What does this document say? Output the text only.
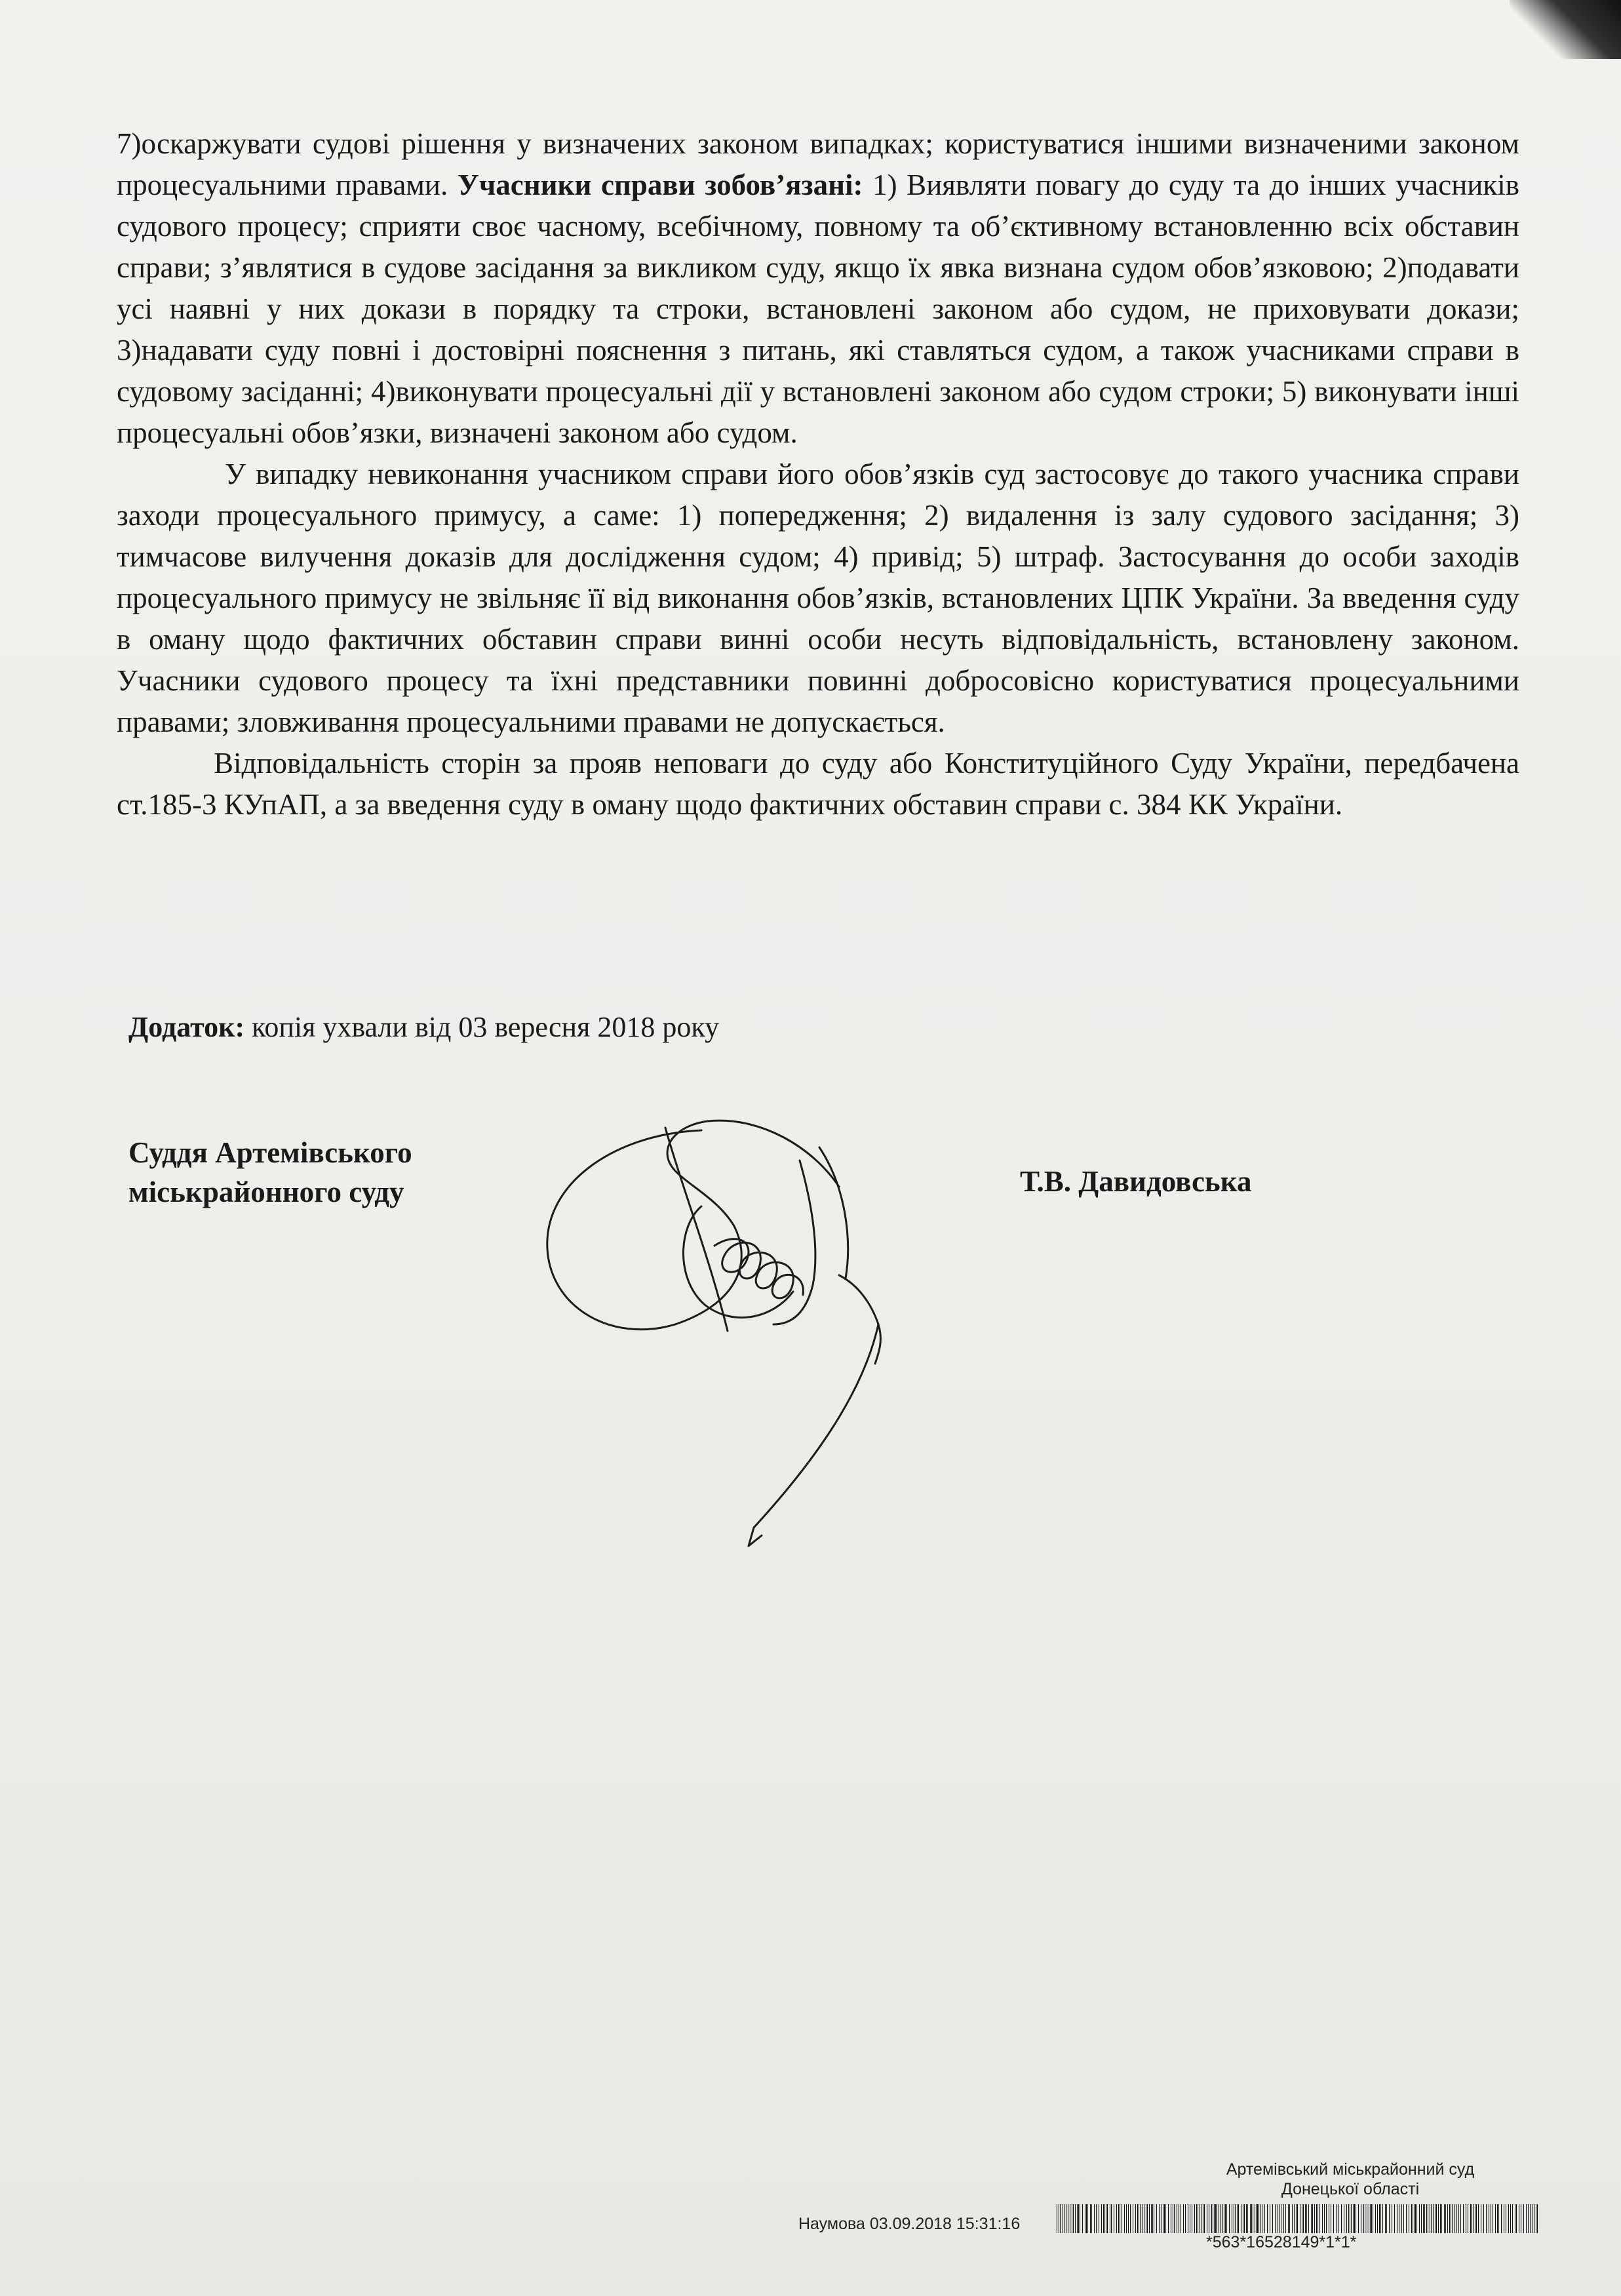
7)оскаржувати судові рішення у визначених законом випадках; користуватися іншими визначеними законом процесуальними правами. Учасники справи зобов’язані: 1) Виявляти повагу до суду та до інших учасників судового процесу; сприяти своє часному, всебічному, повному та об’єктивному встановленню всіх обставин справи; з’являтися в судове засідання за викликом суду, якщо їх явка визнана судом обов’язковою; 2)подавати усі наявні у них докази в порядку та строки, встановлені законом або судом, не приховувати докази; 3)надавати суду повні і достовірні пояснення з питань, які ставляться судом, а також учасниками справи в судовому засіданні; 4)виконувати процесуальні дії у встановлені законом або судом строки; 5) виконувати інші процесуальні обов’язки, визначені законом або судом.

У випадку невиконання учасником справи його обов’язків суд застосовує до такого учасника справи заходи процесуального примусу, а саме: 1) попередження; 2) видалення із залу судового засідання; 3) тимчасове вилучення доказів для дослідження судом; 4) привід; 5) штраф. Застосування до особи заходів процесуального примусу не звільняє її від виконання обов’язків, встановлених ЦПК України. За введення суду в оману щодо фактичних обставин справи винні особи несуть відповідальність, встановлену законом. Учасники судового процесу та їхні представники повинні добросовісно користуватися процесуальними правами; зловживання процесуальними правами не допускається.

Відповідальність сторін за прояв неповаги до суду або Конституційного Суду України, передбачена ст.185-3 КУпАП, а за введення суду в оману щодо фактичних обставин справи с. 384 КК України.

Додаток: копія ухвали від 03 вересня 2018 року
Суддя Артемівського
міськрайонного суду	Т.В. Давидовська
Артемівський міськрайонний суд
Донецької області
Наумова 03.09.2018 15:31:16
*563*16528149*1*1*
